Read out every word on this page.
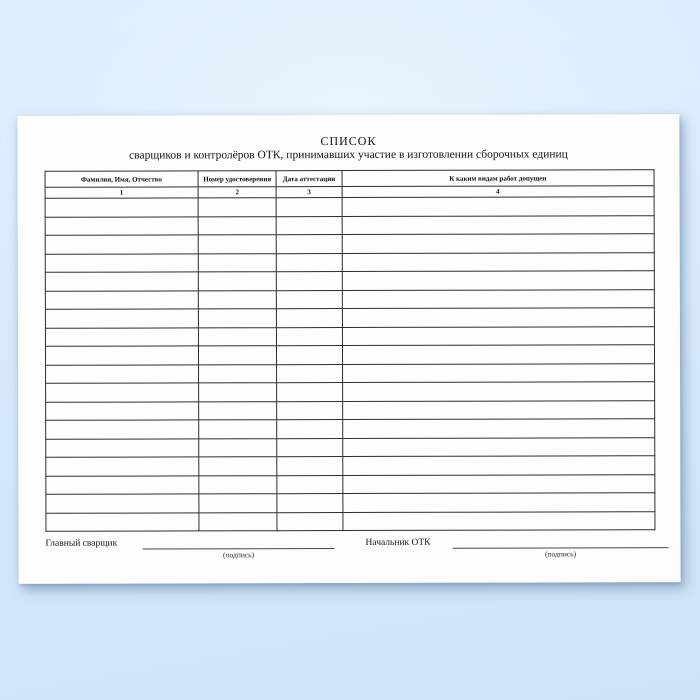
СПИСОК
сварщиков и контролёров ОТК, принимавших участие в изготовлении сборочных единиц
Фамилия, Имя, Отчество	Номер удостоверения	Дата аттестации	К каким видам работ допущен
1	2	3	4

Главный сварщик
(подпись)
Начальник ОТК
(подпись)
